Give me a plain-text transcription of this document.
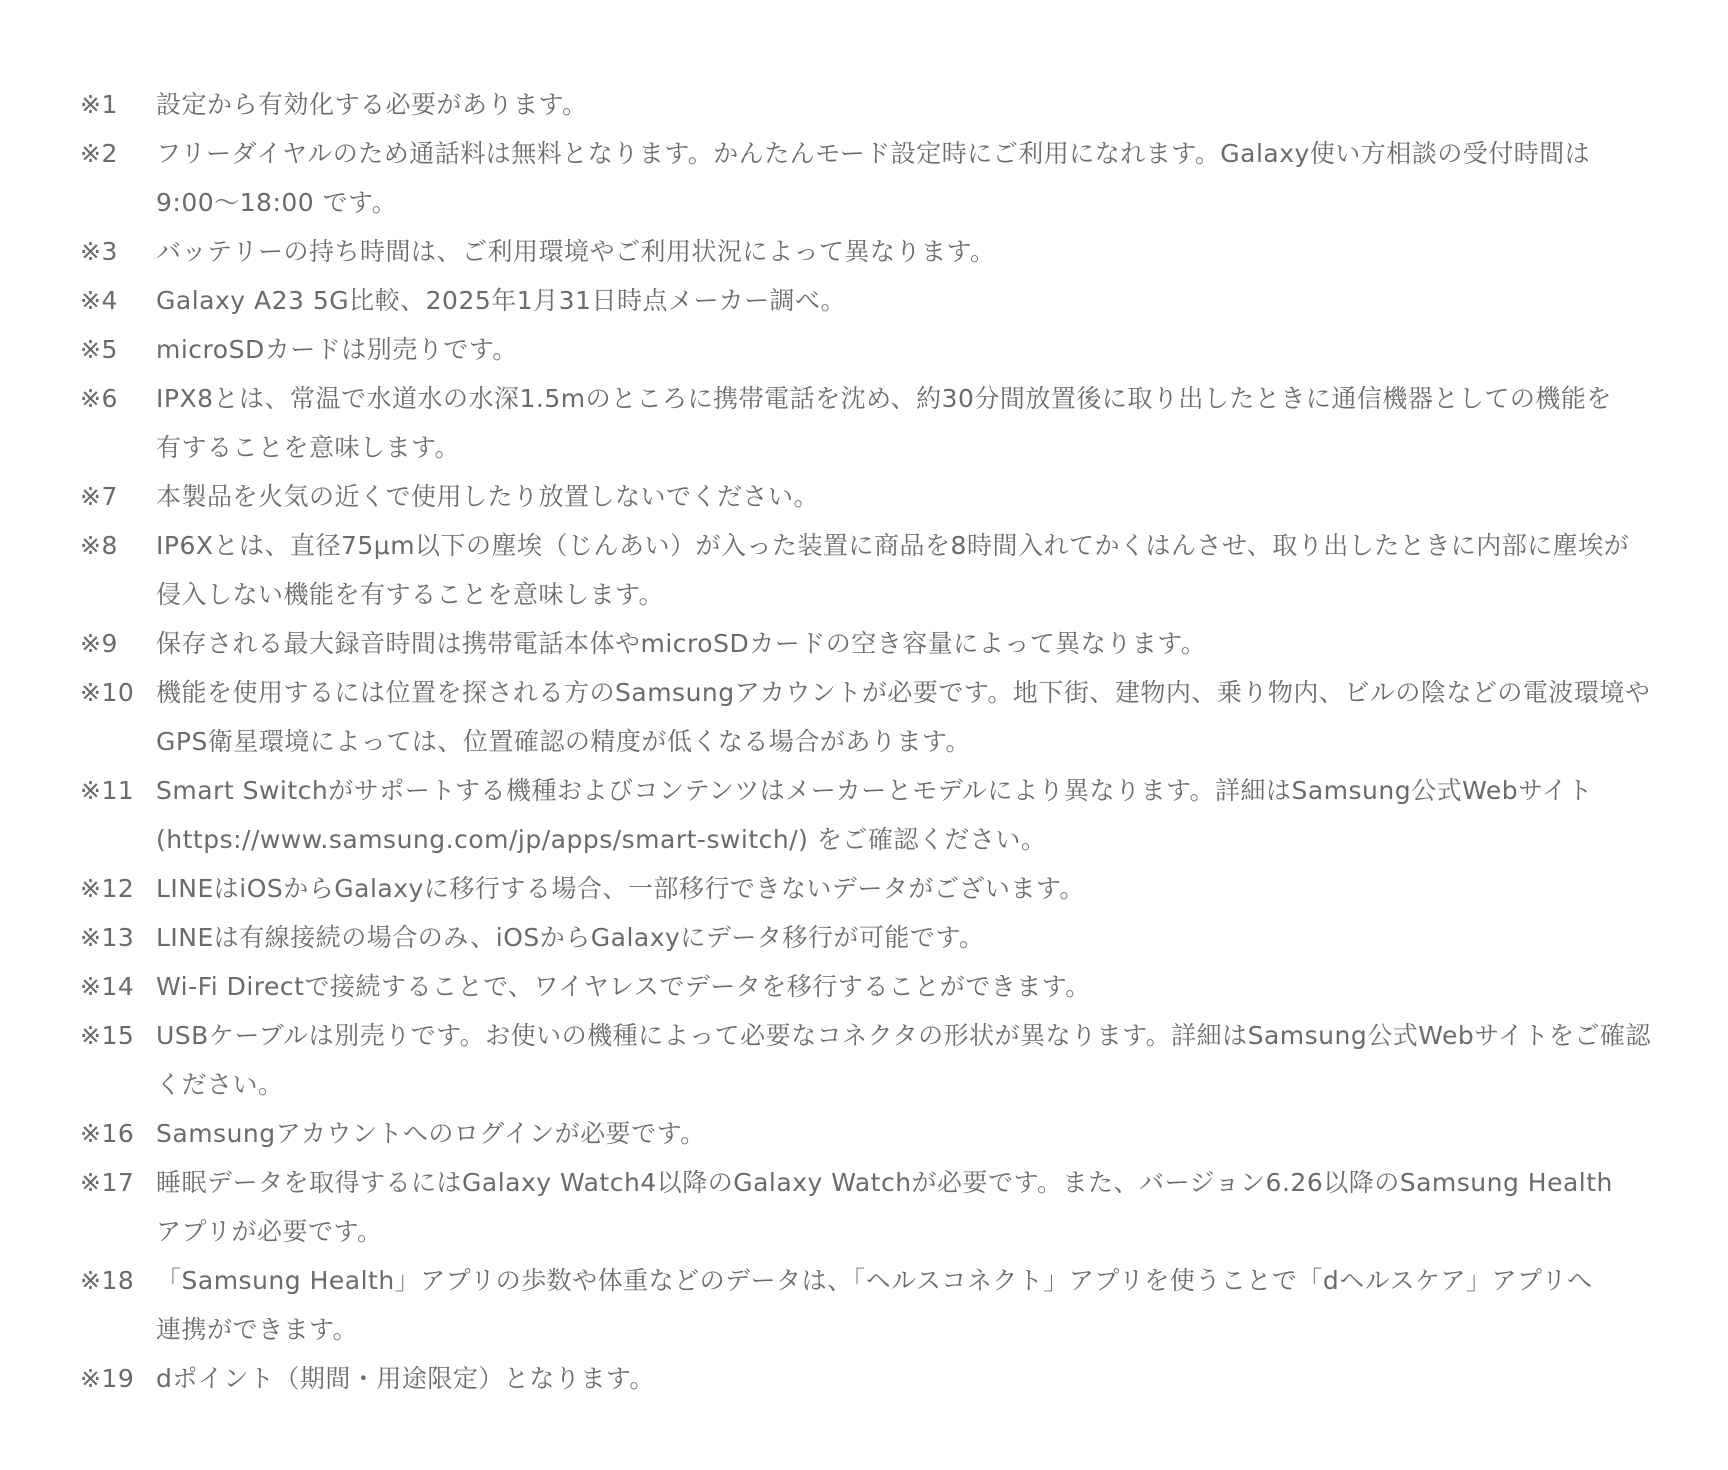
※1	設定から有効化する必要があります。
※2	フリーダイヤルのため通話料は無料となります。かんたんモード設定時にご利用になれます。Galaxy使い方相談の受付時間は
9:00〜18:00 です。
※3	バッテリーの持ち時間は、ご利用環境やご利用状況によって異なります。
※4	Galaxy A23 5G比較、2025年1月31日時点メーカー調べ。
※5	microSDカードは別売りです。
※6	IPX8とは、常温で水道水の水深1.5mのところに携帯電話を沈め、約30分間放置後に取り出したときに通信機器としての機能を
有することを意味します。
※7	本製品を火気の近くで使用したり放置しないでください。
※8	IP6Xとは、直径75μm以下の塵埃（じんあい）が入った装置に商品を8時間入れてかくはんさせ、取り出したときに内部に塵埃が
侵入しない機能を有することを意味します。
※9	保存される最大録音時間は携帯電話本体やmicroSDカードの空き容量によって異なります。
※10 機能を使用するには位置を探される方のSamsungアカウントが必要です。地下街、建物内、乗り物内、ビルの陰などの電波環境や
GPS衛星環境によっては、位置確認の精度が低くなる場合があります。
※11 Smart Switchがサポートする機種およびコンテンツはメーカーとモデルにより異なります。詳細はSamsung公式Webサイト
(https://www.samsung.com/jp/apps/smart-switch/) をご確認ください。
※12 LINEはiOSからGalaxyに移行する場合、一部移行できないデータがございます。
※13 LINEは有線接続の場合のみ、iOSからGalaxyにデータ移行が可能です。
※14 Wi-Fi Directで接続することで、ワイヤレスでデータを移行することができます。
※15 USBケーブルは別売りです。お使いの機種によって必要なコネクタの形状が異なります。詳細はSamsung公式Webサイトをご確認
ください。
※16 Samsungアカウントへのログインが必要です。
※17 睡眠データを取得するにはGalaxy Watch4以降のGalaxy Watchが必要です。また、バージョン6.26以降のSamsung Health
アプリが必要です。
※18 「Samsung Health」アプリの歩数や体重などのデータは、「ヘルスコネクト」アプリを使うことで「dヘルスケア」アプリへ
連携ができます。
※19 dポイント（期間・用途限定）となります。
